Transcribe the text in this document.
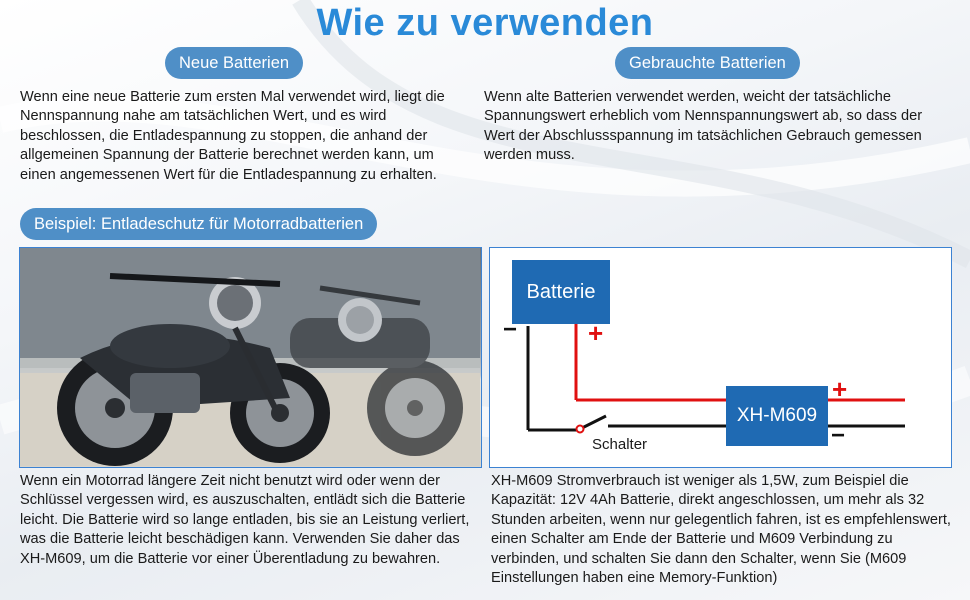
Wie zu verwenden
Neue Batterien	Gebrauchte Batterien
Wenn eine neue Batterie zum ersten Mal verwendet wird, liegt die Nennspannung nahe am tatsächlichen Wert, und es wird beschlossen, die Entladespannung zu stoppen, die anhand der allgemeinen Spannung der Batterie berechnet werden kann, um einen angemessenen Wert für die Entladespannung zu erhalten.
Wenn alte Batterien verwendet werden, weicht der tatsächliche Spannungswert erheblich vom Nennspannungswert ab, so dass der Wert der Abschlussspannung im tatsächlichen Gebrauch gemessen werden muss.
Beispiel: Entladeschutz für Motorradbatterien
Batterie
XH-M609
+
−
+
−
Schalter
Wenn ein Motorrad längere Zeit nicht benutzt wird oder wenn der Schlüssel vergessen wird, es auszuschalten, entlädt sich die Batterie leicht. Die Batterie wird so lange entladen, bis sie an Leistung verliert, was die Batterie leicht beschädigen kann. Verwenden Sie daher das XH-M609, um die Batterie vor einer Überentladung zu bewahren.
XH-M609 Stromverbrauch ist weniger als 1,5W, zum Beispiel die Kapazität: 12V 4Ah Batterie, direkt angeschlossen, um mehr als 32 Stunden arbeiten, wenn nur gelegentlich fahren, ist es empfehlenswert, einen Schalter am Ende der Batterie und M609 Verbindung zu verbinden, und schalten Sie dann den Schalter, wenn Sie (M609 Einstellungen haben eine Memory-Funktion)
